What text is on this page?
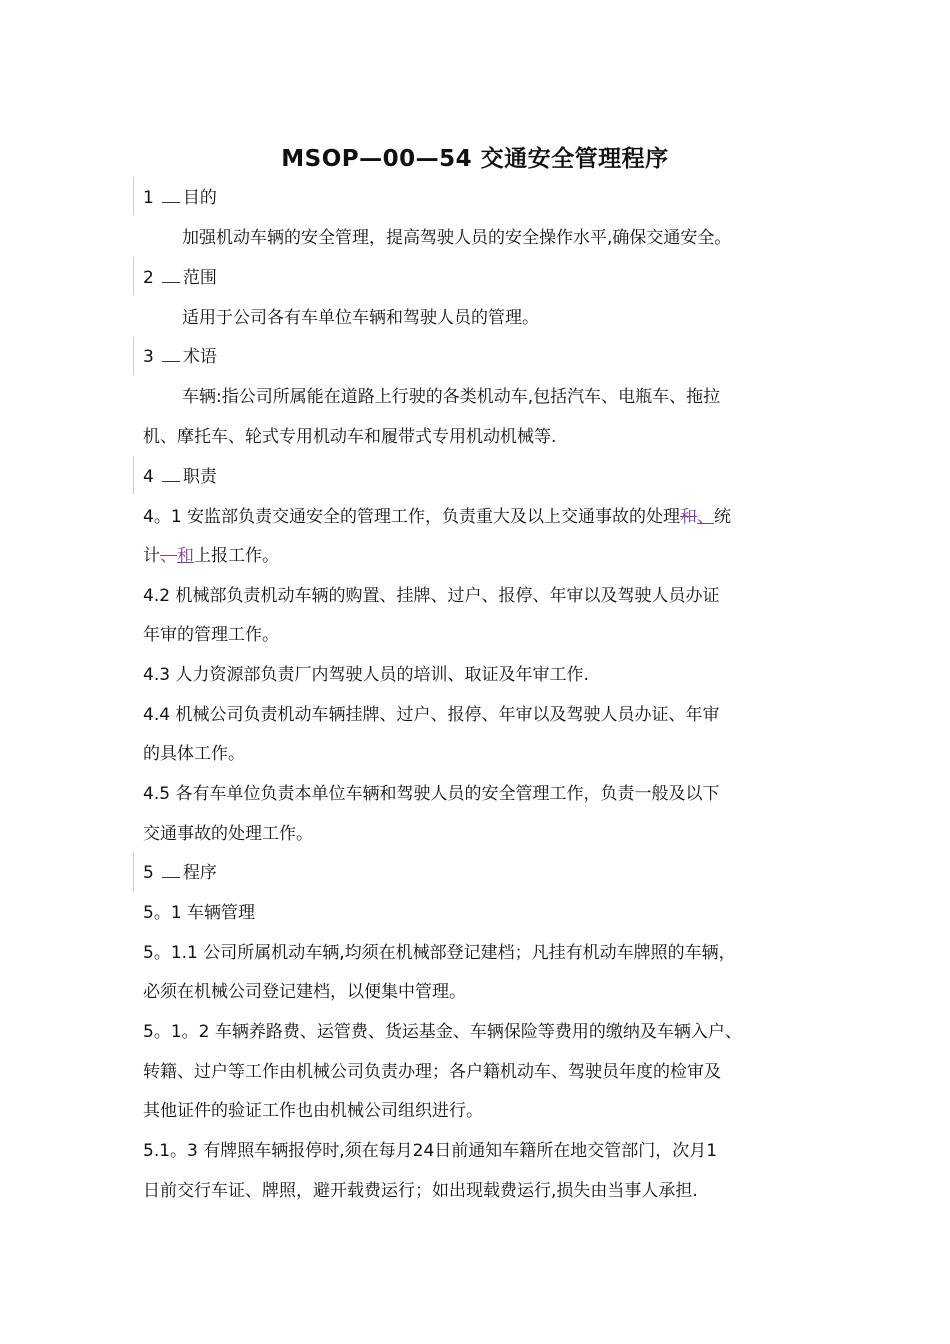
MSOP—00—54 交通安全管理程序
1 目的
加强机动车辆的安全管理，提高驾驶人员的安全操作水平,确保交通安全。
2 范围
适用于公司各有车单位车辆和驾驶人员的管理。
3 术语
车辆:指公司所属能在道路上行驶的各类机动车,包括汽车、电瓶车、拖拉
机、摩托车、轮式专用机动车和履带式专用机动机械等.
4 职责
4。1 安监部负责交通安全的管理工作，负责重大及以上交通事故的处理和、统
计、和上报工作。
4.2 机械部负责机动车辆的购置、挂牌、过户、报停、年审以及驾驶人员办证
年审的管理工作。
4.3 人力资源部负责厂内驾驶人员的培训、取证及年审工作.
4.4 机械公司负责机动车辆挂牌、过户、报停、年审以及驾驶人员办证、年审
的具体工作。
4.5 各有车单位负责本单位车辆和驾驶人员的安全管理工作，负责一般及以下
交通事故的处理工作。
5 程序
5。1 车辆管理
5。1.1 公司所属机动车辆,均须在机械部登记建档；凡挂有机动车牌照的车辆，
必须在机械公司登记建档，以便集中管理。
5。1。2 车辆养路费、运管费、货运基金、车辆保险等费用的缴纳及车辆入户、
转籍、过户等工作由机械公司负责办理；各户籍机动车、驾驶员年度的检审及
其他证件的验证工作也由机械公司组织进行。
5.1。3 有牌照车辆报停时,须在每月24日前通知车籍所在地交管部门，次月1
日前交行车证、牌照，避开载费运行；如出现载费运行,损失由当事人承担.
